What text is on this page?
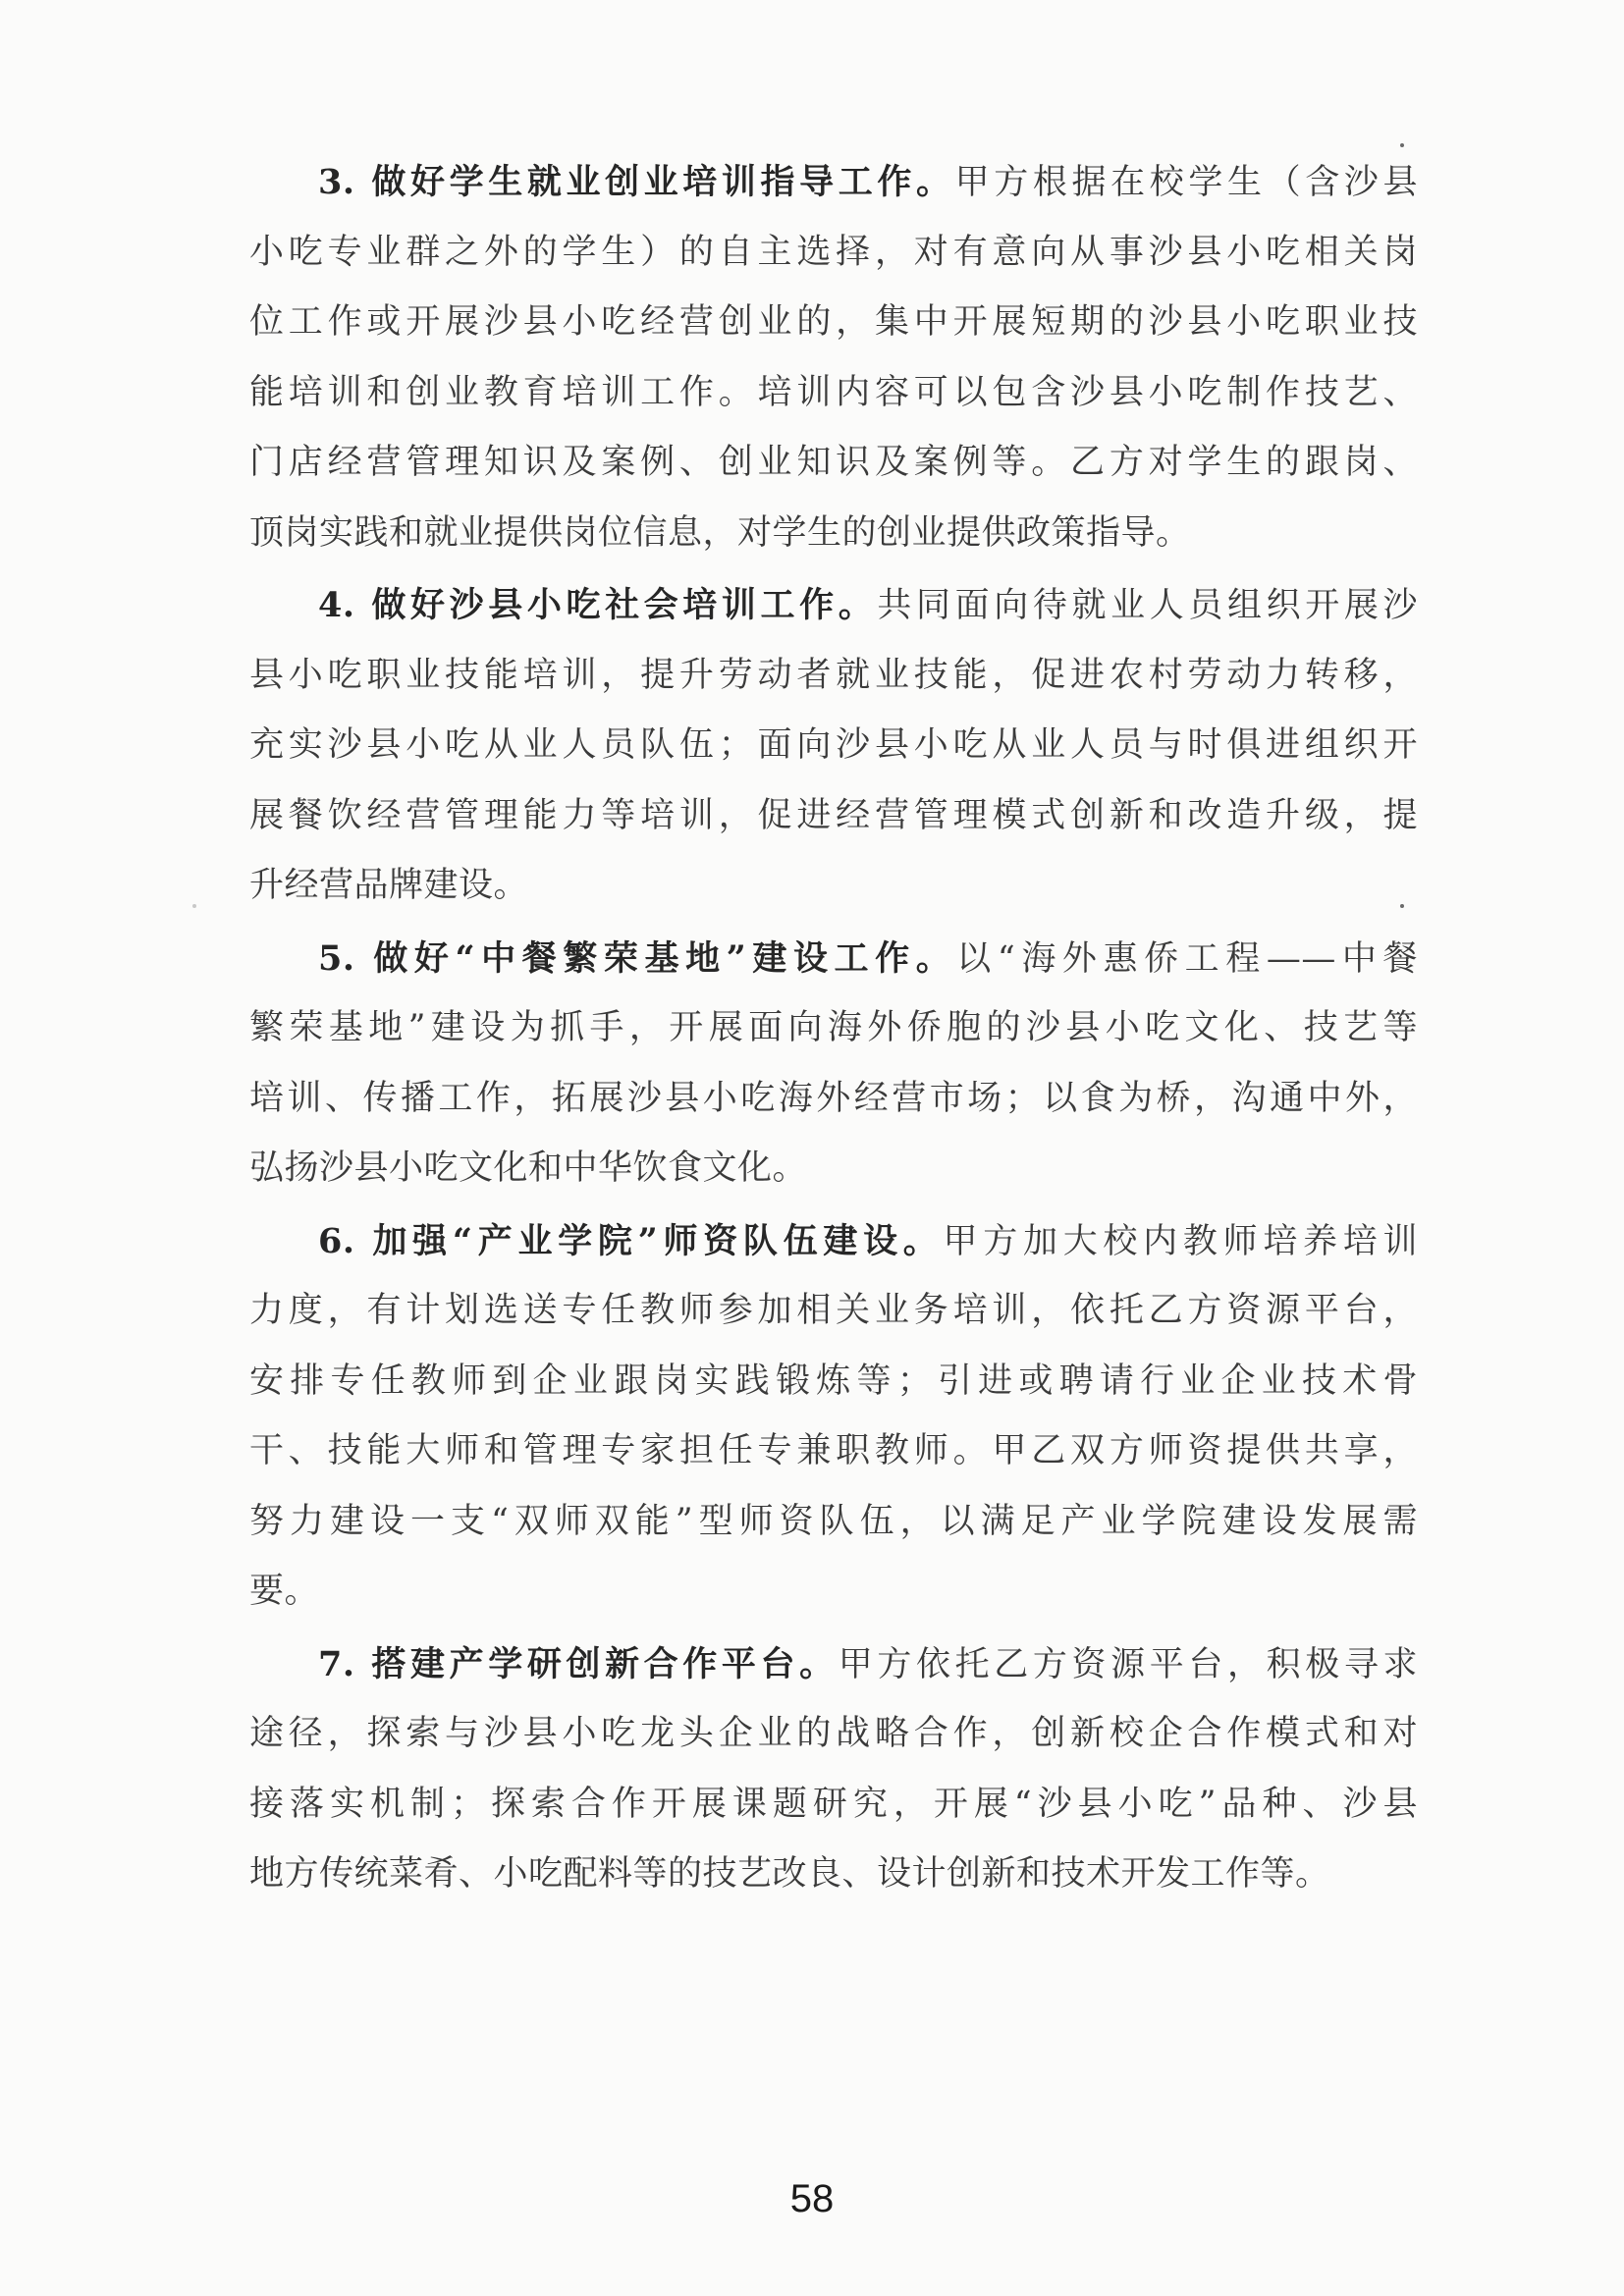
3. 做好学生就业创业培训指导工作。甲方根据在校学生（含沙县
小吃专业群之外的学生）的自主选择，对有意向从事沙县小吃相关岗
位工作或开展沙县小吃经营创业的，集中开展短期的沙县小吃职业技
能培训和创业教育培训工作。培训内容可以包含沙县小吃制作技艺、
门店经营管理知识及案例、创业知识及案例等。乙方对学生的跟岗、
顶岗实践和就业提供岗位信息，对学生的创业提供政策指导。
4. 做好沙县小吃社会培训工作。共同面向待就业人员组织开展沙
县小吃职业技能培训，提升劳动者就业技能，促进农村劳动力转移，
充实沙县小吃从业人员队伍；面向沙县小吃从业人员与时俱进组织开
展餐饮经营管理能力等培训，促进经营管理模式创新和改造升级，提
升经营品牌建设。
5. 做好“中餐繁荣基地”建设工作。以“海外惠侨工程——中餐
繁荣基地”建设为抓手，开展面向海外侨胞的沙县小吃文化、技艺等
培训、传播工作，拓展沙县小吃海外经营市场；以食为桥，沟通中外，
弘扬沙县小吃文化和中华饮食文化。
6. 加强“产业学院”师资队伍建设。甲方加大校内教师培养培训
力度，有计划选送专任教师参加相关业务培训，依托乙方资源平台，
安排专任教师到企业跟岗实践锻炼等；引进或聘请行业企业技术骨
干、技能大师和管理专家担任专兼职教师。甲乙双方师资提供共享，
努力建设一支“双师双能”型师资队伍，以满足产业学院建设发展需
要。
7. 搭建产学研创新合作平台。甲方依托乙方资源平台，积极寻求
途径，探索与沙县小吃龙头企业的战略合作，创新校企合作模式和对
接落实机制；探索合作开展课题研究，开展“沙县小吃”品种、沙县
地方传统菜肴、小吃配料等的技艺改良、设计创新和技术开发工作等。
58
